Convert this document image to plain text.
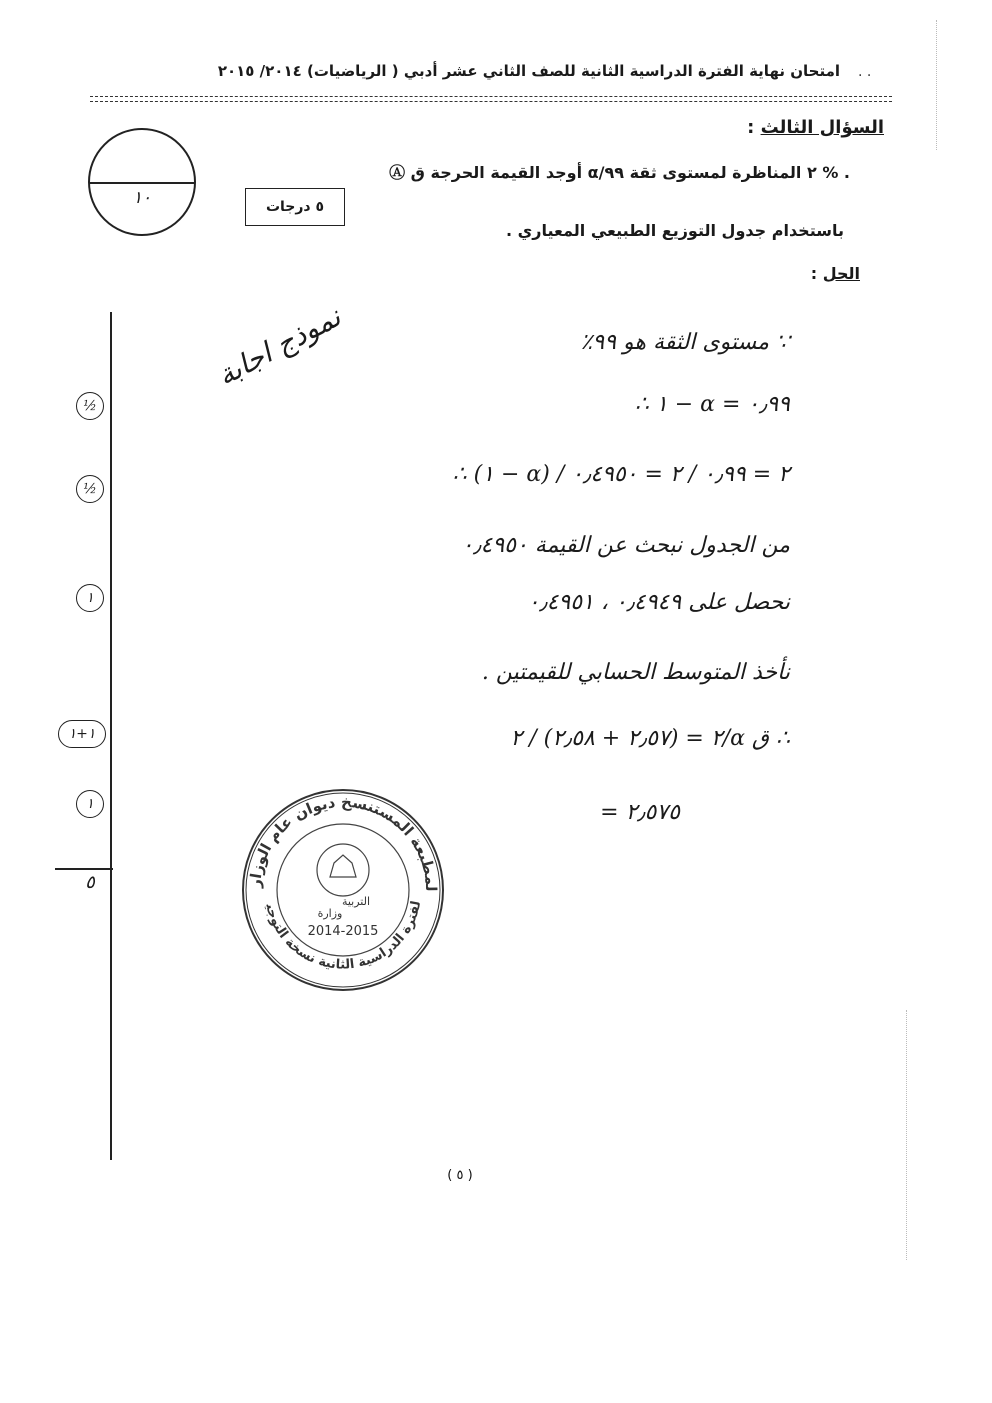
· ·
امتحان نهاية الفترة الدراسية الثانية للصف الثاني عشر أدبي ( الرياضيات) ٢٠١٤/ ٢٠١٥
السؤال الثالث :
١٠	٥ درجات
Ⓐ أوجد القيمة الحرجة ق α/٢ المناظرة لمستوى ثقة ٩٩ % .
باستخدام جدول التوزيع الطبيعي المعياري .
الحل :
½
½
١
١+١
١
٥
نموذج اجابة	∵ مستوى الثقة هو ٩٩٪
∴ ١ − α = ٠٫٩٩
∴ (١ − α) / ٢ = ٠٫٩٩ / ٢ = ٠٫٤٩٥٠
من الجدول نبحث عن القيمة ٠٫٤٩٥٠
نحصل على ٠٫٤٩٤٩ ، ٠٫٤٩٥١
نأخذ المتوسط الحسابي للقيمتين .
∴ ق α/٢ = (٢٫٥٧ + ٢٫٥٨) / ٢
= ٢٫٥٧٥
لمطبعة المستنسخ ديوان عام الوزار
لفترة الدراسية الثانية نسخة التوجي	التربية
وزارة
2014-2015
( ٥ )
